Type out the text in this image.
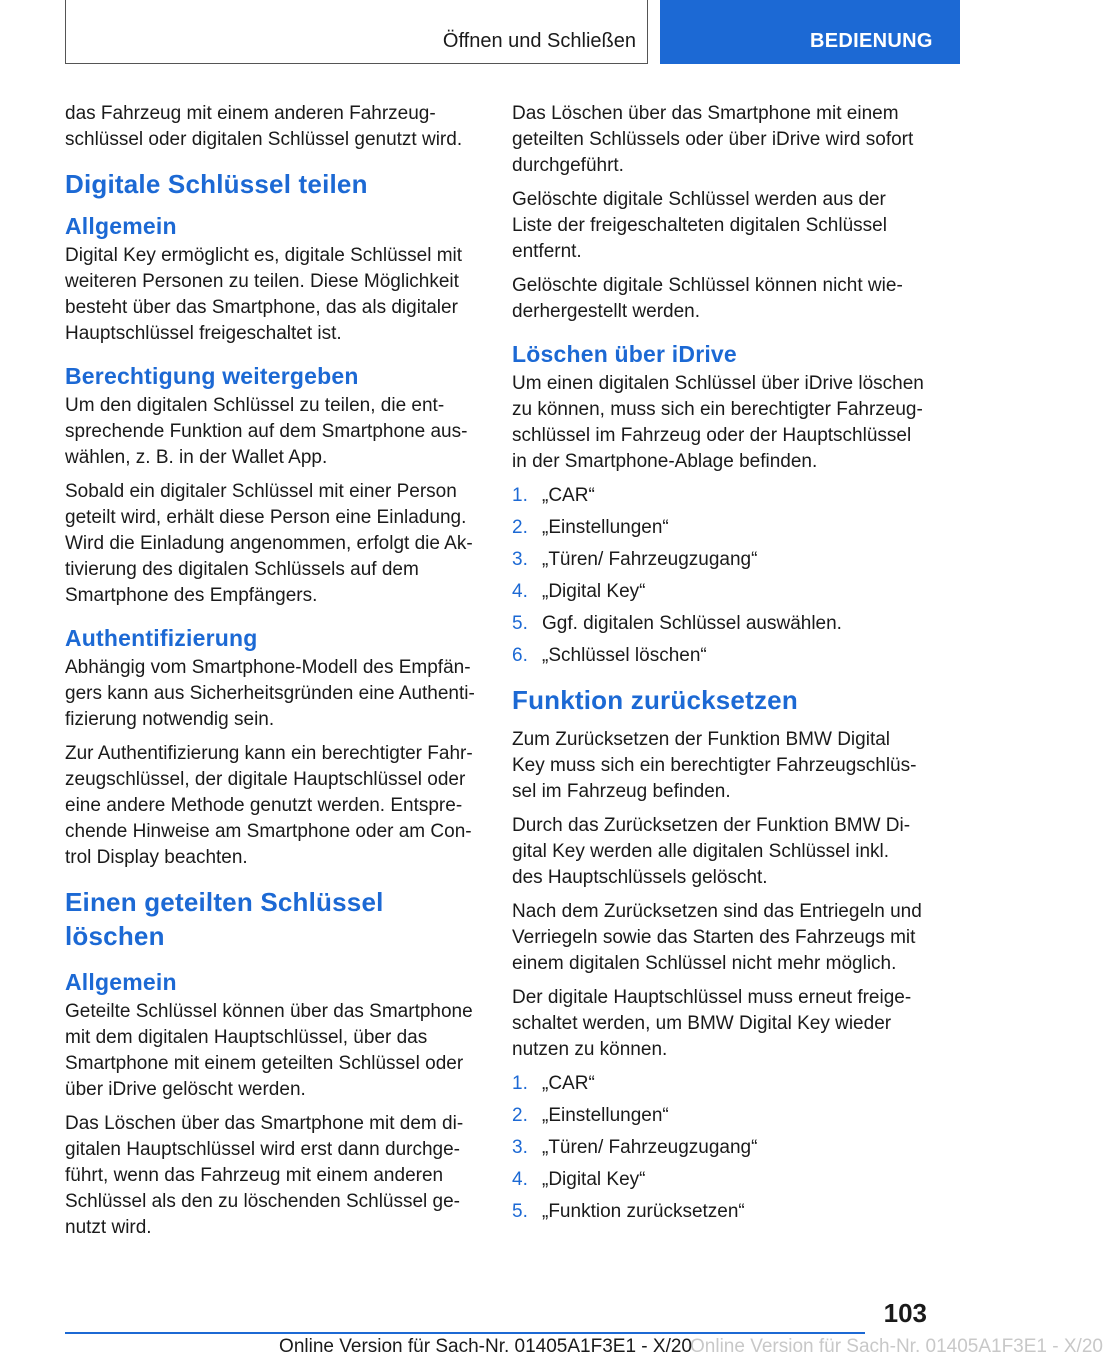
Öffnen und Schließen	BEDIENUNG

das Fahrzeug mit einem anderen Fahrzeug-schlüssel oder digitalen Schlüssel genutzt wird.

Digitale Schlüssel teilen
Allgemein

Digital Key ermöglicht es, digitale Schlüssel mit weiteren Personen zu teilen. Diese Möglichkeit besteht über das Smartphone, das als digitaler Hauptschlüssel freigeschaltet ist.

Berechtigung weitergeben

Um den digitalen Schlüssel zu teilen, die ent-sprechende Funktion auf dem Smartphone aus-wählen, z. B. in der Wallet App.

Sobald ein digitaler Schlüssel mit einer Person geteilt wird, erhält diese Person eine Einladung. Wird die Einladung angenommen, erfolgt die Ak-tivierung des digitalen Schlüssels auf dem Smartphone des Empfängers.

Authentifizierung

Abhängig vom Smartphone-Modell des Empfän-gers kann aus Sicherheitsgründen eine Authenti-fizierung notwendig sein.

Zur Authentifizierung kann ein berechtigter Fahr-zeugschlüssel, der digitale Hauptschlüssel oder eine andere Methode genutzt werden. Entspre-chende Hinweise am Smartphone oder am Con-trol Display beachten.

Einen geteilten Schlüssel löschen
Allgemein

Geteilte Schlüssel können über das Smartphone mit dem digitalen Hauptschlüssel, über das Smartphone mit einem geteilten Schlüssel oder über iDrive gelöscht werden.

Das Löschen über das Smartphone mit dem di-gitalen Hauptschlüssel wird erst dann durchge-führt, wenn das Fahrzeug mit einem anderen Schlüssel als den zu löschenden Schlüssel ge-nutzt wird.

Das Löschen über das Smartphone mit einem geteilten Schlüssels oder über iDrive wird sofort durchgeführt.

Gelöschte digitale Schlüssel werden aus der Liste der freigeschalteten digitalen Schlüssel entfernt.

Gelöschte digitale Schlüssel können nicht wie-derhergestellt werden.

Löschen über iDrive

Um einen digitalen Schlüssel über iDrive löschen zu können, muss sich ein berechtigter Fahrzeug-schlüssel im Fahrzeug oder der Hauptschlüssel in der Smartphone-Ablage befinden.

1. „CAR“
2. „Einstellungen“
3. „Türen/ Fahrzeugzugang“
4. „Digital Key“
5. Ggf. digitalen Schlüssel auswählen.
6. „Schlüssel löschen“
Funktion zurücksetzen

Zum Zurücksetzen der Funktion BMW Digital Key muss sich ein berechtigter Fahrzeugschlüs-sel im Fahrzeug befinden.

Durch das Zurücksetzen der Funktion BMW Di-gital Key werden alle digitalen Schlüssel inkl. des Hauptschlüssels gelöscht.

Nach dem Zurücksetzen sind das Entriegeln und Verriegeln sowie das Starten des Fahrzeugs mit einem digitalen Schlüssel nicht mehr möglich.

Der digitale Hauptschlüssel muss erneut freige-schaltet werden, um BMW Digital Key wieder nutzen zu können.

1. „CAR“
2. „Einstellungen“
3. „Türen/ Fahrzeugzugang“
4. „Digital Key“
5. „Funktion zurücksetzen“
103
Online Version für Sach-Nr. 01405A1F3E1 - X/20
Online Version für Sach-Nr. 01405A1F3E1 - X/20
